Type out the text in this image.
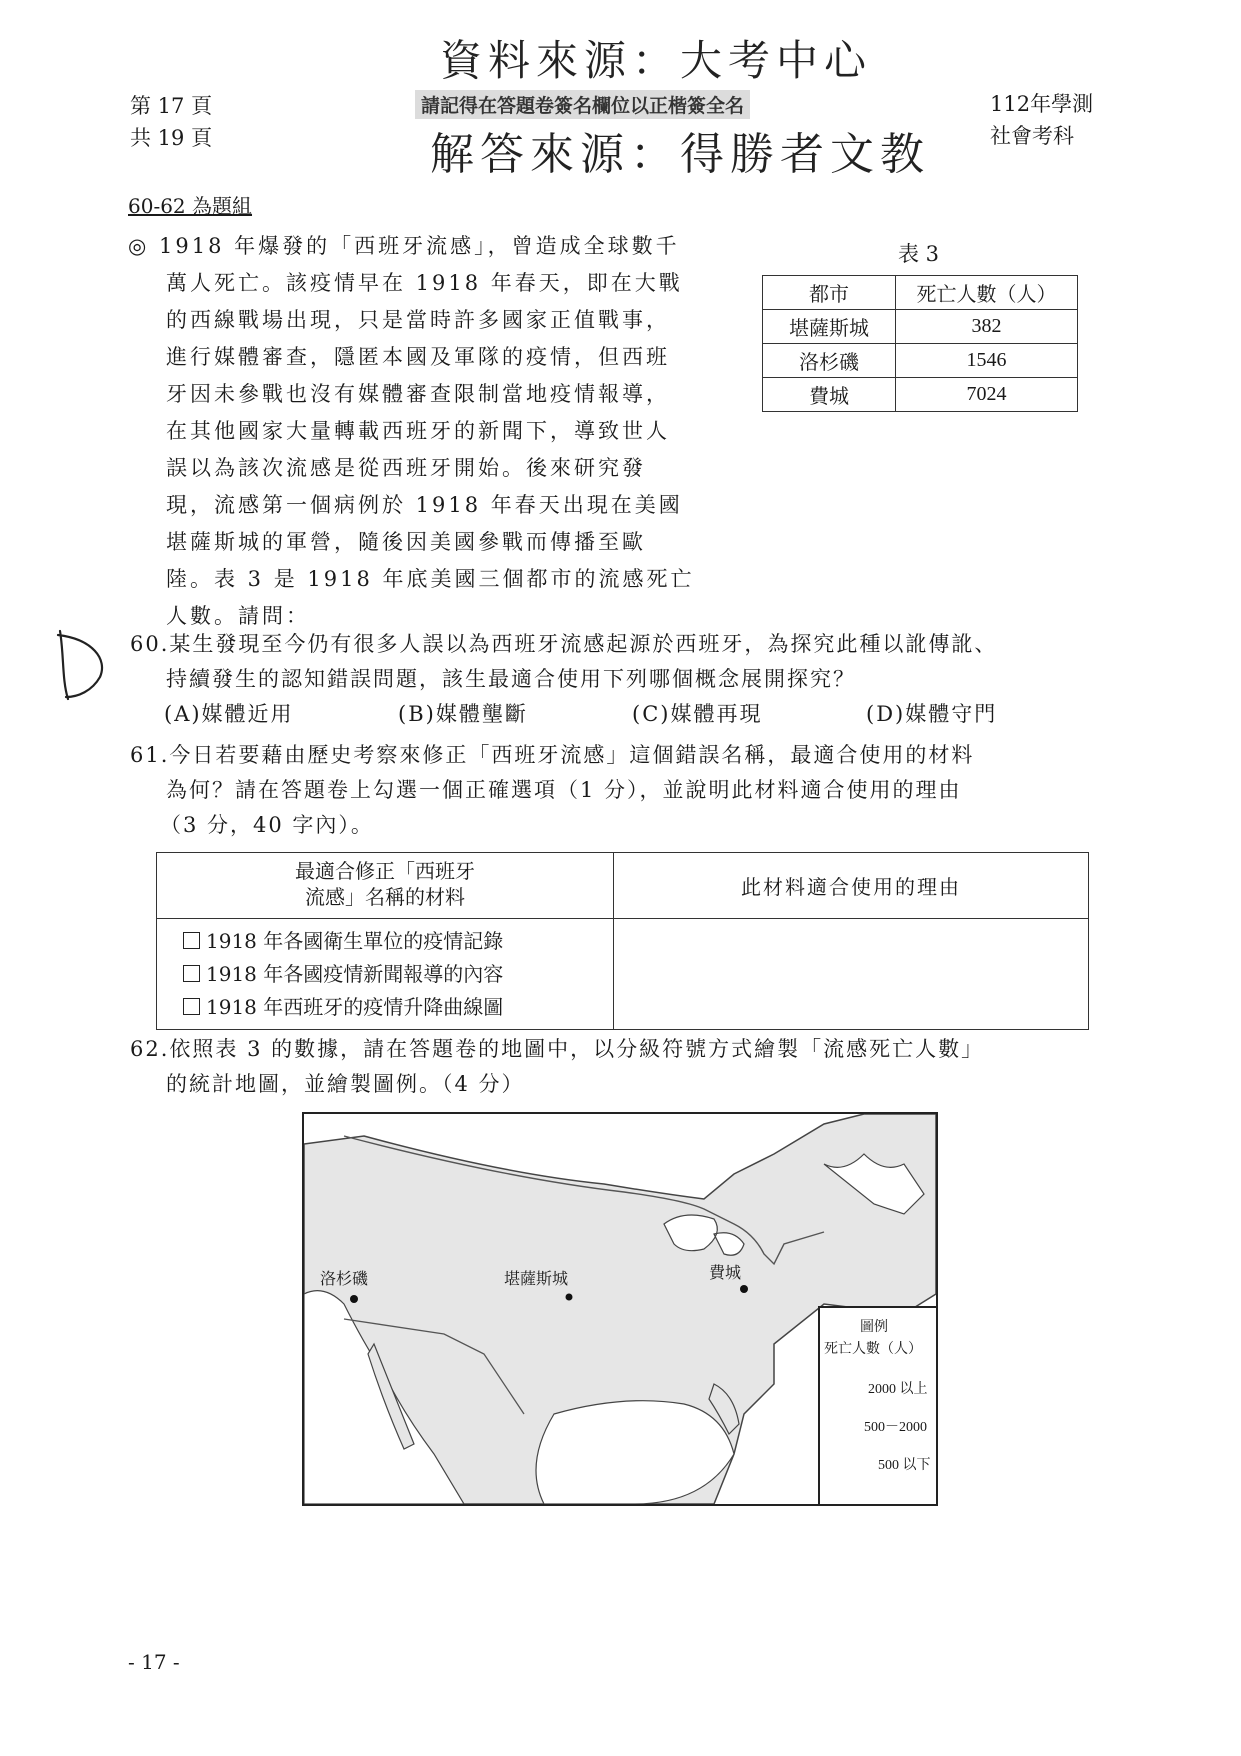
第 17 頁
共 19 頁
資料來源：大考中心
請記得在答題卷簽名欄位以正楷簽全名
解答來源：得勝者文教
112年學測
社會考科
60-62 為題組
◎ 1918 年爆發的「西班牙流感」，曾造成全球數千
萬人死亡。該疫情早在 1918 年春天，即在大戰
的西線戰場出現，只是當時許多國家正值戰事，
進行媒體審查，隱匿本國及軍隊的疫情，但西班
牙因未參戰也沒有媒體審查限制當地疫情報導，
在其他國家大量轉載西班牙的新聞下，導致世人
誤以為該次流感是從西班牙開始。後來研究發
現，流感第一個病例於 1918 年春天出現在美國
堪薩斯城的軍營，隨後因美國參戰而傳播至歐
陸。表 3 是 1918 年底美國三個都市的流感死亡
人數。請問：
表 3
都市	死亡人數（人）
堪薩斯城	382
洛杉磯	1546
費城	7024
60.某生發現至今仍有很多人誤以為西班牙流感起源於西班牙，為探究此種以訛傳訛、
持續發生的認知錯誤問題，該生最適合使用下列哪個概念展開探究？
(A)媒體近用	(B)媒體壟斷	(C)媒體再現	(D)媒體守門
61.今日若要藉由歷史考察來修正「西班牙流感」這個錯誤名稱，最適合使用的材料
為何？請在答題卷上勾選一個正確選項（1 分），並說明此材料適合使用的理由
（3 分，40 字內）。
最適合修正「西班牙
流感」名稱的材料	此材料適合使用的理由

1918 年各國衛生單位的疫情記錄
1918 年各國疫情新聞報導的內容
1918 年西班牙的疫情升降曲線圖	

62.依照表 3 的數據，請在答題卷的地圖中，以分級符號方式繪製「流感死亡人數」
的統計地圖，並繪製圖例。（4 分）
洛杉磯	堪薩斯城	費城
圖例
死亡人數（人）
2000 以上
500－2000
500 以下
- 17 -
